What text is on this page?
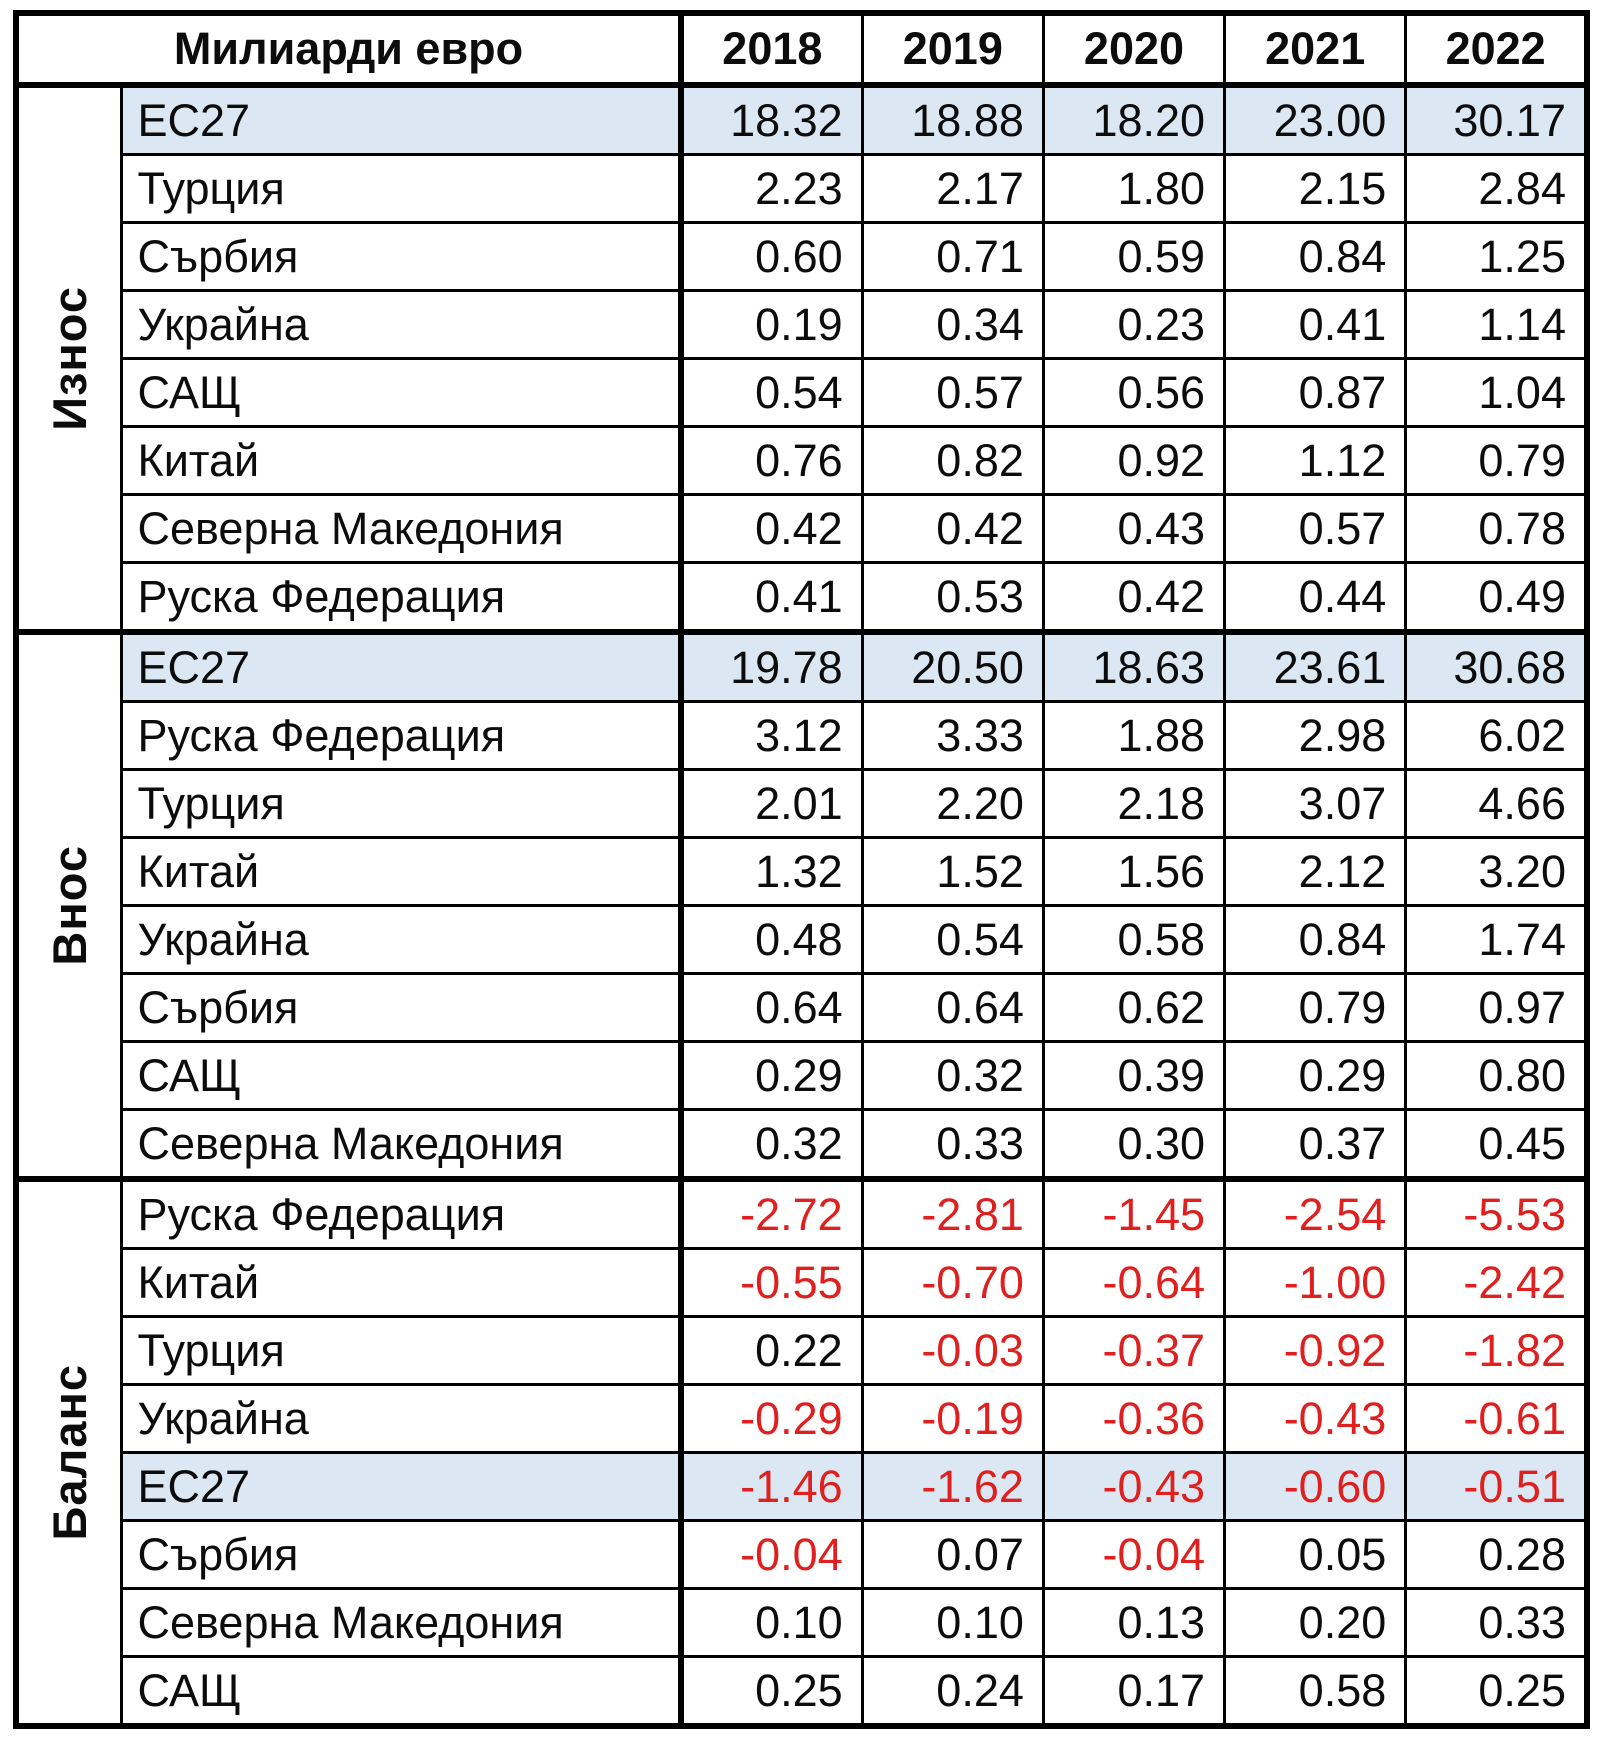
Милиарди евро		2018	2019	2020	2021	2022

Износ	ЕС27	18.32	18.88	18.20	23.00	30.17
	Турция	2.23	2.17	1.80	2.15	2.84
	Сърбия	0.60	0.71	0.59	0.84	1.25
	Украйна	0.19	0.34	0.23	0.41	1.14
	САЩ	0.54	0.57	0.56	0.87	1.04
	Китай	0.76	0.82	0.92	1.12	0.79
	Северна Македония	0.42	0.42	0.43	0.57	0.78
	Руска Федерация	0.41	0.53	0.42	0.44	0.49

Внос	ЕС27	19.78	20.50	18.63	23.61	30.68
	Руска Федерация	3.12	3.33	1.88	2.98	6.02
	Турция	2.01	2.20	2.18	3.07	4.66
	Китай	1.32	1.52	1.56	2.12	3.20
	Украйна	0.48	0.54	0.58	0.84	1.74
	Сърбия	0.64	0.64	0.62	0.79	0.97
	САЩ	0.29	0.32	0.39	0.29	0.80
	Северна Македония	0.32	0.33	0.30	0.37	0.45

Баланс	Руска Федерация	-2.72	-2.81	-1.45	-2.54	-5.53
	Китай	-0.55	-0.70	-0.64	-1.00	-2.42
	Турция	0.22	-0.03	-0.37	-0.92	-1.82
	Украйна	-0.29	-0.19	-0.36	-0.43	-0.61
	ЕС27	-1.46	-1.62	-0.43	-0.60	-0.51
	Сърбия	-0.04	0.07	-0.04	0.05	0.28
	Северна Македония	0.10	0.10	0.13	0.20	0.33
	САЩ	0.25	0.24	0.17	0.58	0.25
